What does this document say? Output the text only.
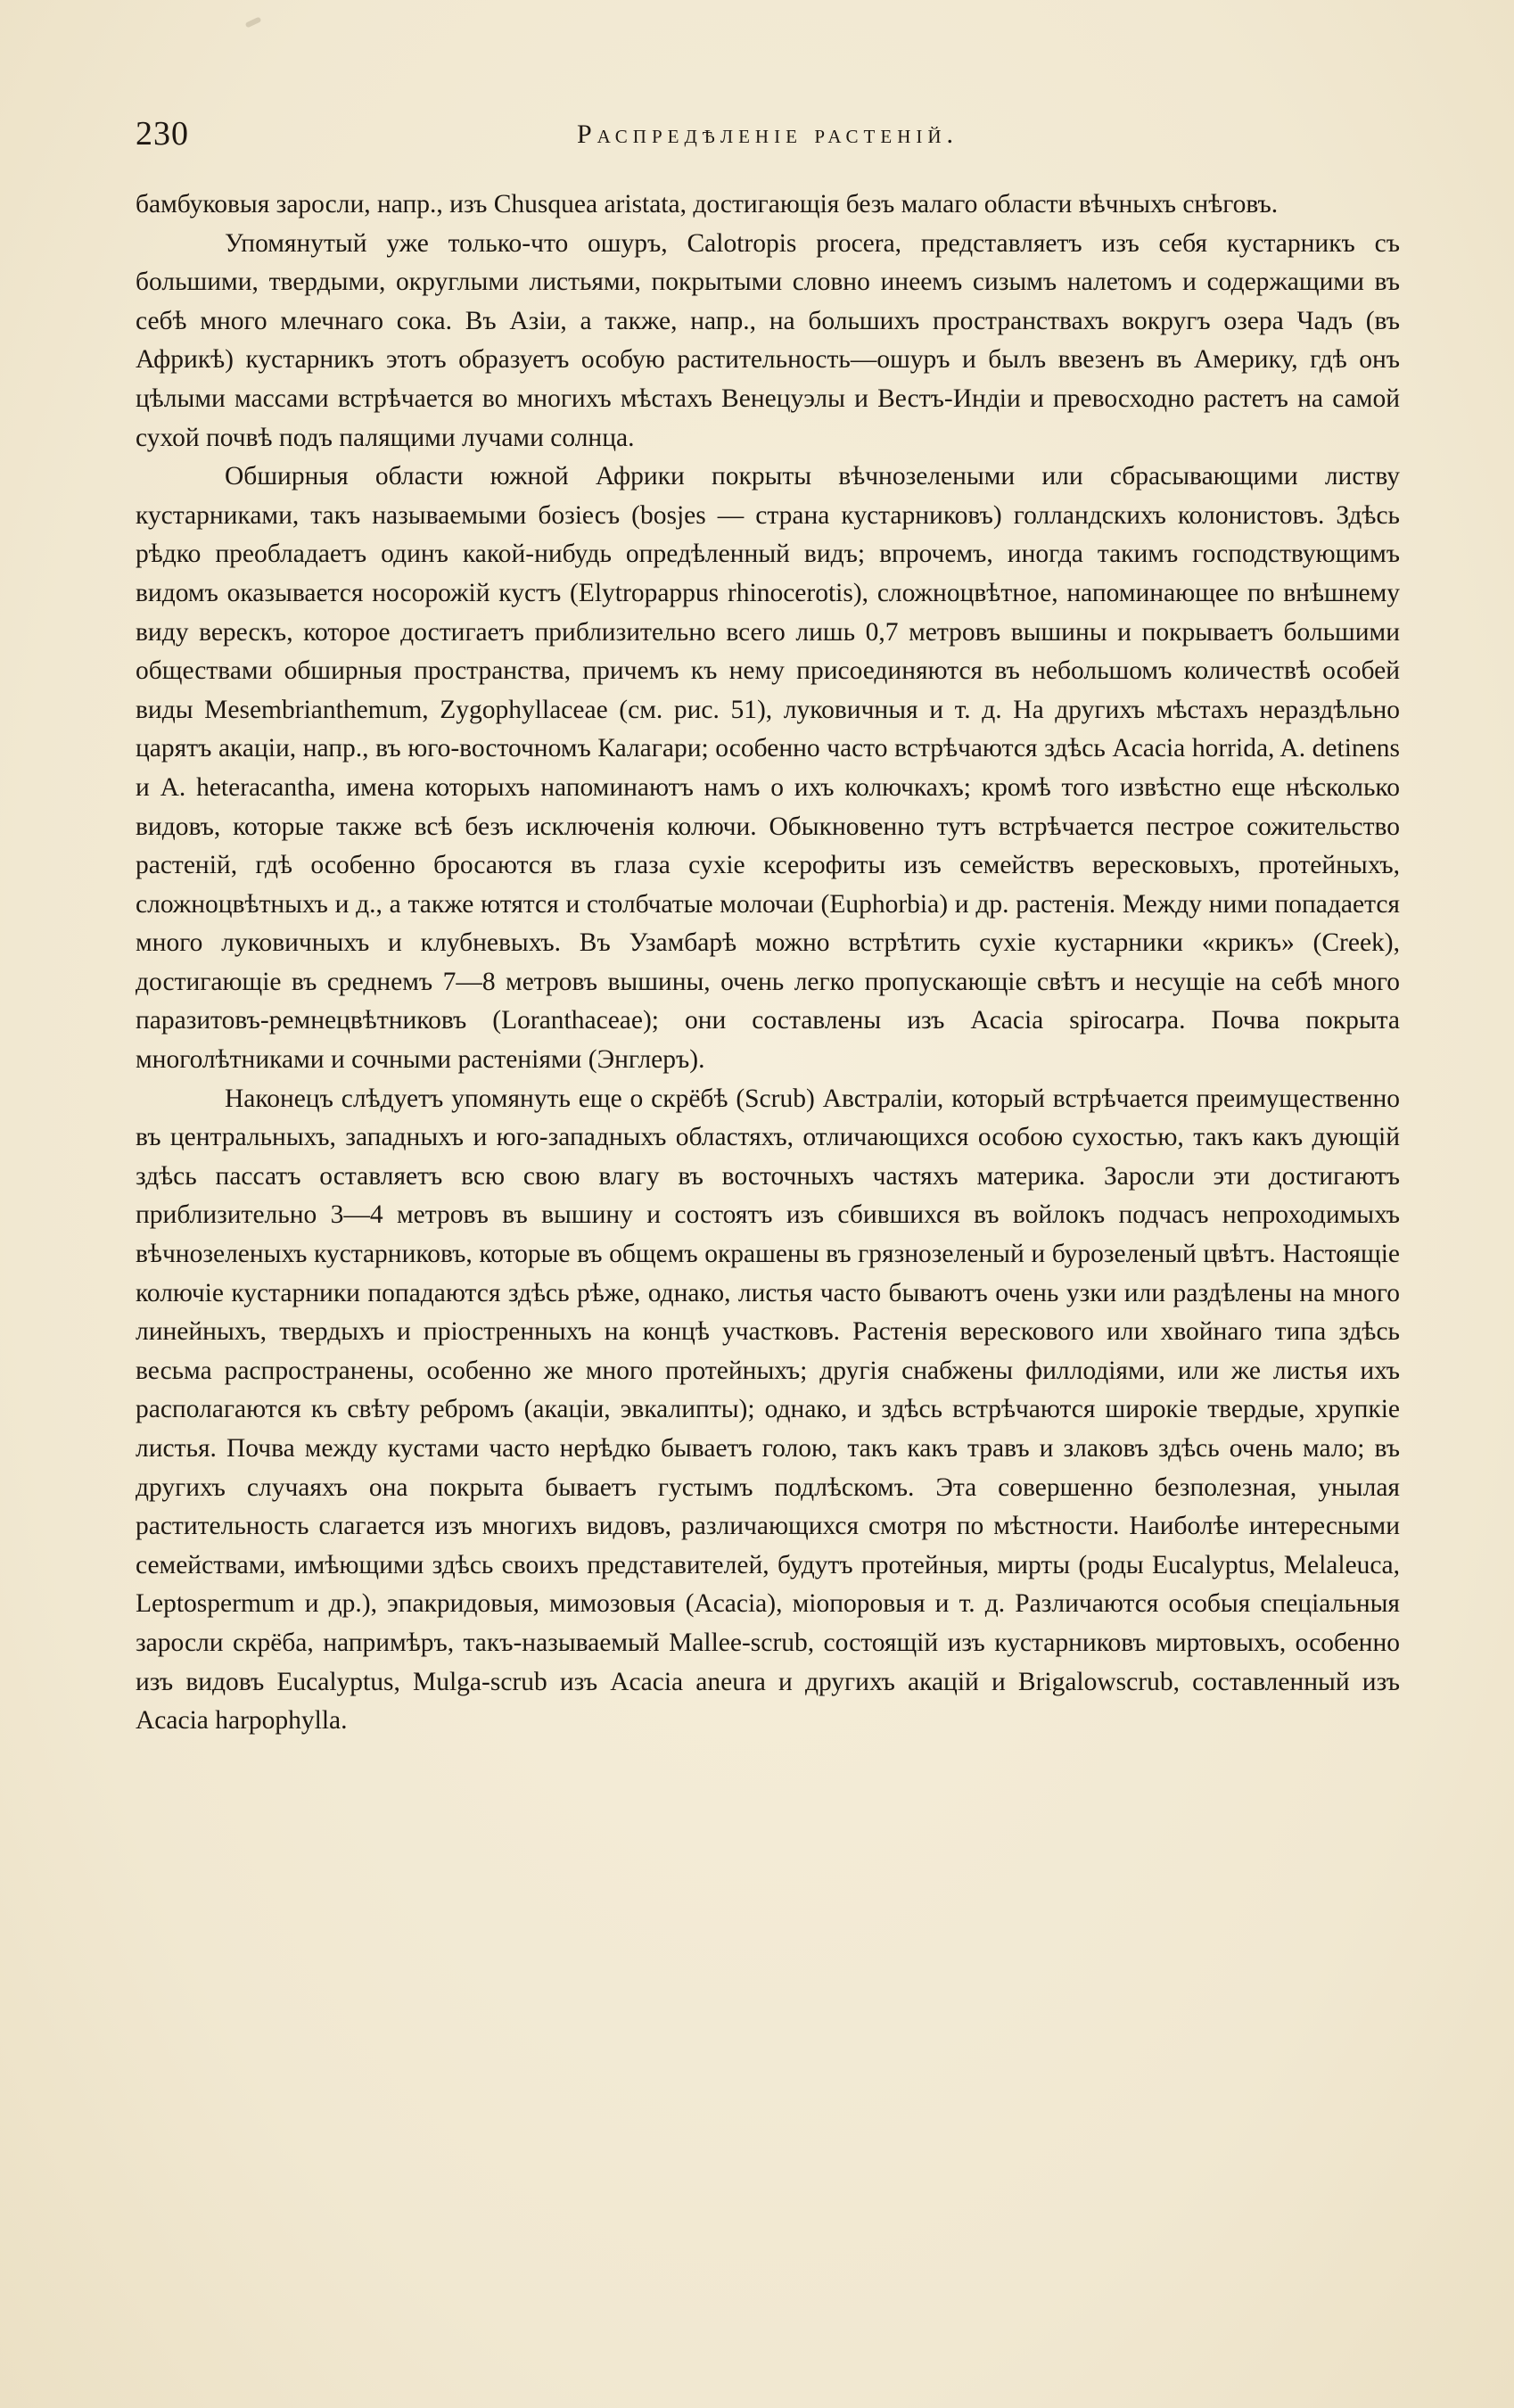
230	Распредѣленіе растеній.

бамбуковыя заросли, напр., изъ Chusquea aristata, достигающія безъ малаго области вѣчныхъ снѣговъ.

Упомянутый уже только-что ошуръ, Calotropis procera, представляетъ изъ себя кустарникъ съ большими, твердыми, округлыми листьями, покрытыми словно инеемъ сизымъ налетомъ и содержащими въ себѣ много млечнаго сока. Въ Азіи, а также, напр., на большихъ пространствахъ вокругъ озера Чадъ (въ Африкѣ) кустарникъ этотъ образуетъ особую растительность—ошуръ и былъ ввезенъ въ Америку, гдѣ онъ цѣлыми массами встрѣчается во многихъ мѣстахъ Венецуэлы и Вестъ-Индіи и превосходно растетъ на самой сухой почвѣ подъ палящими лучами солнца.

Обширныя области южной Африки покрыты вѣчнозелеными или сбрасывающими листву кустарниками, такъ называемыми бозіесъ (bosjes — страна кустарниковъ) голландскихъ колонистовъ. Здѣсь рѣдко преобладаетъ одинъ какой-нибудь опредѣленный видъ; впрочемъ, иногда такимъ господствующимъ видомъ оказывается носорожій кустъ (Elytropappus rhinocerotis), сложноцвѣтное, напоминающее по внѣшнему виду верескъ, которое достигаетъ приблизительно всего лишь 0,7 метровъ вышины и покрываетъ большими обществами обширныя пространства, причемъ къ нему присоединяются въ небольшомъ количествѣ особей виды Mesembrianthemum, Zygophyllaceae (см. рис. 51), луковичныя и т. д. На другихъ мѣстахъ нераздѣльно царятъ акаціи, напр., въ юго-восточномъ Калагари; особенно часто встрѣчаются здѣсь Acacia horrida, A. detinens и A. heteracantha, имена которыхъ напоминаютъ намъ о ихъ колючкахъ; кромѣ того извѣстно еще нѣсколько видовъ, которые также всѣ безъ исключенія колючи. Обыкновенно тутъ встрѣчается пестрое сожительство растеній, гдѣ особенно бросаются въ глаза сухіе ксерофиты изъ семействъ вересковыхъ, протейныхъ, сложноцвѣтныхъ и д., а также ютятся и столбчатые молочаи (Euphorbia) и др. растенія. Между ними попадается много луковичныхъ и клубневыхъ. Въ Узамбарѣ можно встрѣтить сухіе кустарники «крикъ» (Creek), достигающіе въ среднемъ 7—8 метровъ вышины, очень легко пропускающіе свѣтъ и несущіе на себѣ много паразитовъ-ремнецвѣтниковъ (Loranthaceae); они составлены изъ Acacia spirocarpa. Почва покрыта многолѣтниками и сочными растеніями (Энглеръ).

Наконецъ слѣдуетъ упомянуть еще о скрёбѣ (Scrub) Австраліи, который встрѣчается преимущественно въ центральныхъ, западныхъ и юго-западныхъ областяхъ, отличающихся особою сухостью, такъ какъ дующій здѣсь пассатъ оставляетъ всю свою влагу въ восточныхъ частяхъ материка. Заросли эти достигаютъ приблизительно 3—4 метровъ въ вышину и состоятъ изъ сбившихся въ войлокъ подчасъ непроходимыхъ вѣчнозеленыхъ кустарниковъ, которые въ общемъ окрашены въ грязнозеленый и бурозеленый цвѣтъ. Настоящіе колючіе кустарники попадаются здѣсь рѣже, однако, листья часто бываютъ очень узки или раздѣлены на много линейныхъ, твердыхъ и пріостренныхъ на концѣ участковъ. Растенія верескового или хвойнаго типа здѣсь весьма распространены, особенно же много протейныхъ; другія снабжены филлодіями, или же листья ихъ располагаются къ свѣту ребромъ (акаціи, эвкалипты); однако, и здѣсь встрѣчаются широкіе твердые, хрупкіе листья. Почва между кустами часто нерѣдко бываетъ голою, такъ какъ травъ и злаковъ здѣсь очень мало; въ другихъ случаяхъ она покрыта бываетъ густымъ подлѣскомъ. Эта совершенно безполезная, унылая растительность слагается изъ многихъ видовъ, различающихся смотря по мѣстности. Наиболѣе интересными семействами, имѣющими здѣсь своихъ представителей, будутъ протейныя, мирты (роды Eucalyptus, Melaleuca, Leptospermum и др.), эпакридовыя, мимозовыя (Acacia), міопоровыя и т. д. Различаются особыя спеціальныя заросли скрёба, напримѣръ, такъ-называемый Mallee-scrub, состоящій изъ кустарниковъ миртовыхъ, особенно изъ видовъ Eucalyptus, Mulga-scrub изъ Acacia aneura и другихъ акацій и Brigalowscrub, составленный изъ Acacia harpophylla.
